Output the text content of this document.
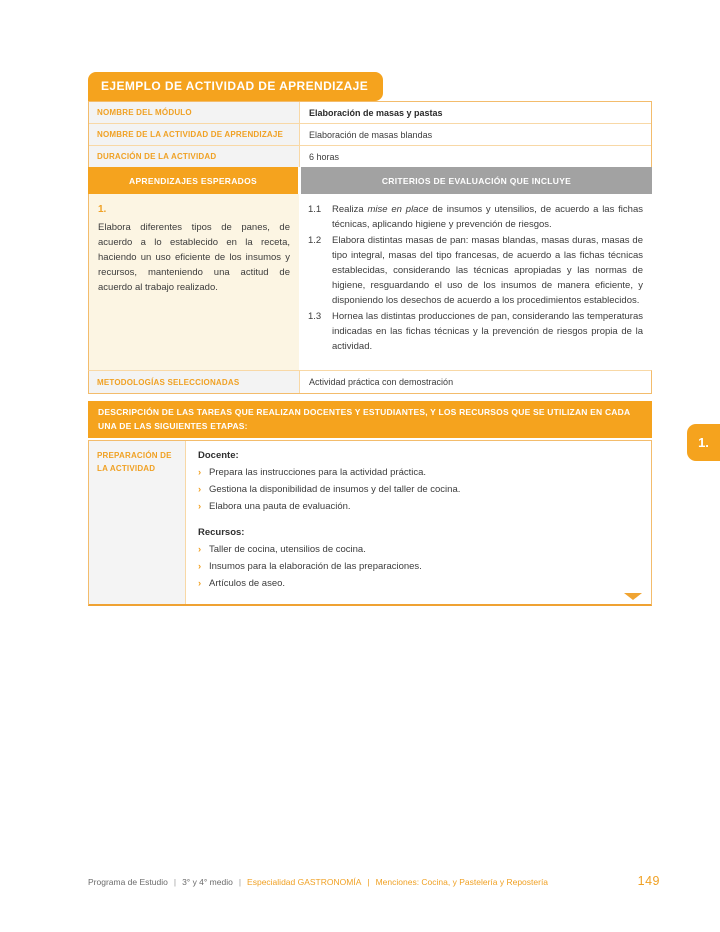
EJEMPLO DE ACTIVIDAD DE APRENDIZAJE
NOMBRE DEL MÓDULO	Elaboración de masas y pastas
NOMBRE DE LA ACTIVIDAD DE APRENDIZAJE	Elaboración de masas blandas
DURACIÓN DE LA ACTIVIDAD	6 horas
APRENDIZAJES ESPERADOS	CRITERIOS DE EVALUACIÓN QUE INCLUYE
1.
Elabora diferentes tipos de panes, de acuerdo a lo establecido en la receta, haciendo un uso eficiente de los insumos y recursos, manteniendo una actitud de acuerdo al trabajo realizado.
1.1	Realiza mise en place de insumos y utensilios, de acuerdo a las fichas técnicas, aplicando higiene y prevención de riesgos.
1.2	Elabora distintas masas de pan: masas blandas, masas duras, masas de tipo integral, masas del tipo francesas, de acuerdo a las fichas técnicas establecidas, considerando las técnicas apropiadas y las normas de higiene, resguardando el uso de los insumos de manera eficiente, y disponiendo los desechos de acuerdo a los procedimientos establecidos.
1.3	Hornea las distintas producciones de pan, considerando las temperaturas indicadas en las fichas técnicas y la prevención de riesgos propia de la actividad.
METODOLOGÍAS SELECCIONADAS	Actividad práctica con demostración
DESCRIPCIÓN DE LAS TAREAS QUE REALIZAN DOCENTES Y ESTUDIANTES, Y LOS RECURSOS QUE SE UTILIZAN EN CADA UNA DE LAS SIGUIENTES ETAPAS:
PREPARACIÓN DE LA ACTIVIDAD
Docente:
› Prepara las instrucciones para la actividad práctica.
› Gestiona la disponibilidad de insumos y del taller de cocina.
› Elabora una pauta de evaluación.
Recursos:
› Taller de cocina, utensilios de cocina.
› Insumos para la elaboración de las preparaciones.
› Artículos de aseo.
1.
Programa de Estudio | 3° y 4° medio | Especialidad GASTRONOMÍA | Menciones: Cocina, y Pastelería y Repostería	149
